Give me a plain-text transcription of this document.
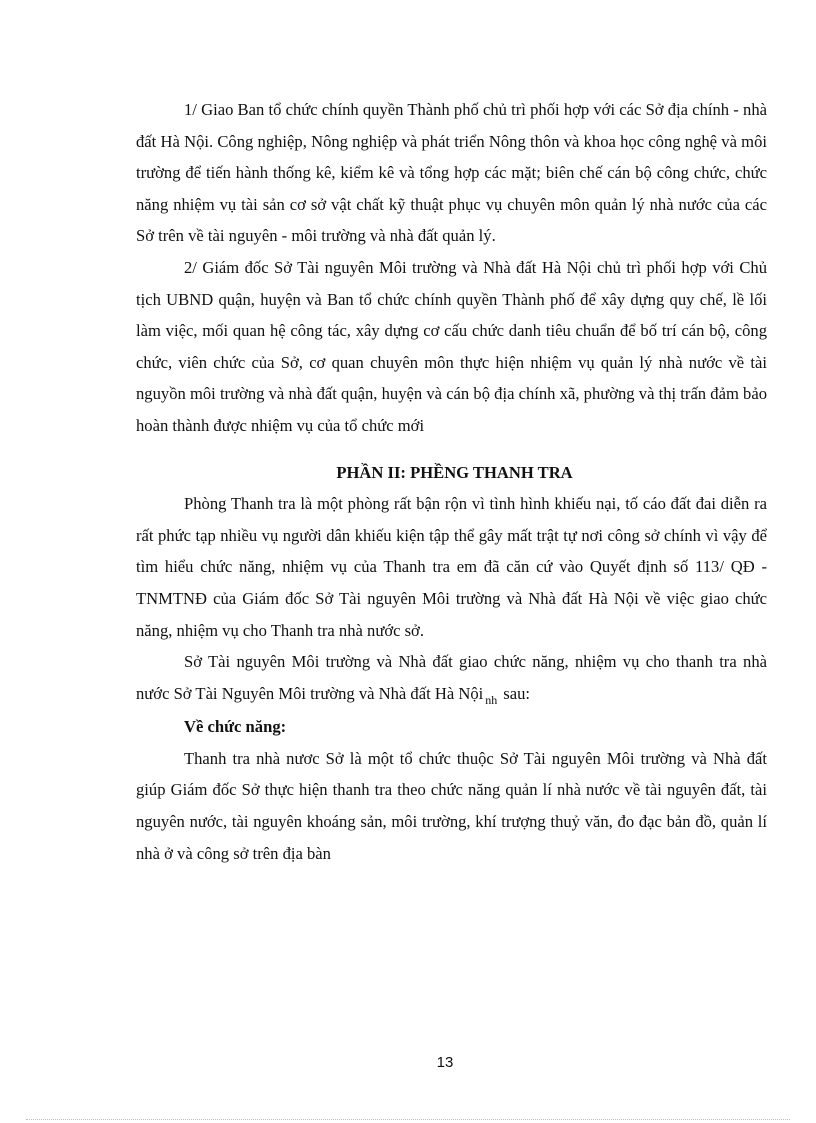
1/ Giao Ban tổ chức chính quyền Thành phố chủ trì phối hợp với các Sở địa chính - nhà đất Hà Nội. Công nghiệp, Nông nghiệp và phát triển Nông thôn và khoa học công nghệ và môi trường để tiến hành thống kê, kiểm kê và tổng hợp các mặt; biên chế cán bộ công chức, chức năng nhiệm vụ tài sản cơ sở vật chất kỹ thuật phục vụ chuyên môn quản lý nhà nước của các Sở trên về tài nguyên - môi trường và nhà đất quản lý.

2/ Giám đốc Sở Tài nguyên Môi trường và Nhà đất Hà Nội chủ trì phối hợp với Chủ tịch UBND quận, huyện và Ban tổ chức chính quyền Thành phố để xây dựng quy chế, lề lối làm việc, mối quan hệ công tác, xây dựng cơ cấu chức danh tiêu chuẩn để bố trí cán bộ, công chức, viên chức của Sở, cơ quan chuyên môn thực hiện nhiệm vụ quản lý nhà nước về tài nguyồn môi trường và nhà đất quận, huyện và cán bộ địa chính xã, phường và thị trấn đảm bảo hoàn thành được nhiệm vụ của tổ chức mới

PHẦN II: PHỀNG THANH TRA

Phòng Thanh tra là một phòng rất bận rộn vì tình hình khiếu nại, tố cáo đất đai diễn ra rất phức tạp nhiều vụ người dân khiếu kiện tập thể gây mất trật tự nơi công sở chính vì vậy để tìm hiểu chức năng, nhiệm vụ của Thanh tra em đã căn cứ vào Quyết định số 113/ QĐ - TNMTNĐ của Giám đốc Sở Tài nguyên Môi trường và Nhà đất Hà Nội về việc giao chức năng, nhiệm vụ cho Thanh tra nhà nước sở.

Sở Tài nguyên Môi trường và Nhà đất giao chức năng, nhiệm vụ cho thanh tra nhà nước Sở Tài Nguyên Môi trường và Nhà đất Hà Nội $_{nh}$ sau:

Về chức năng:

Thanh tra nhà nươc Sở là một tổ chức thuộc Sở Tài nguyên Môi trường và Nhà đất giúp Giám đốc Sở thực hiện thanh tra theo chức năng quản lí nhà nước về tài nguyên đất, tài nguyên nước, tài nguyên khoáng sản, môi trường, khí trượng thuỷ văn, đo đạc bản đồ, quản lí nhà ở và công sở trên địa bàn

13
